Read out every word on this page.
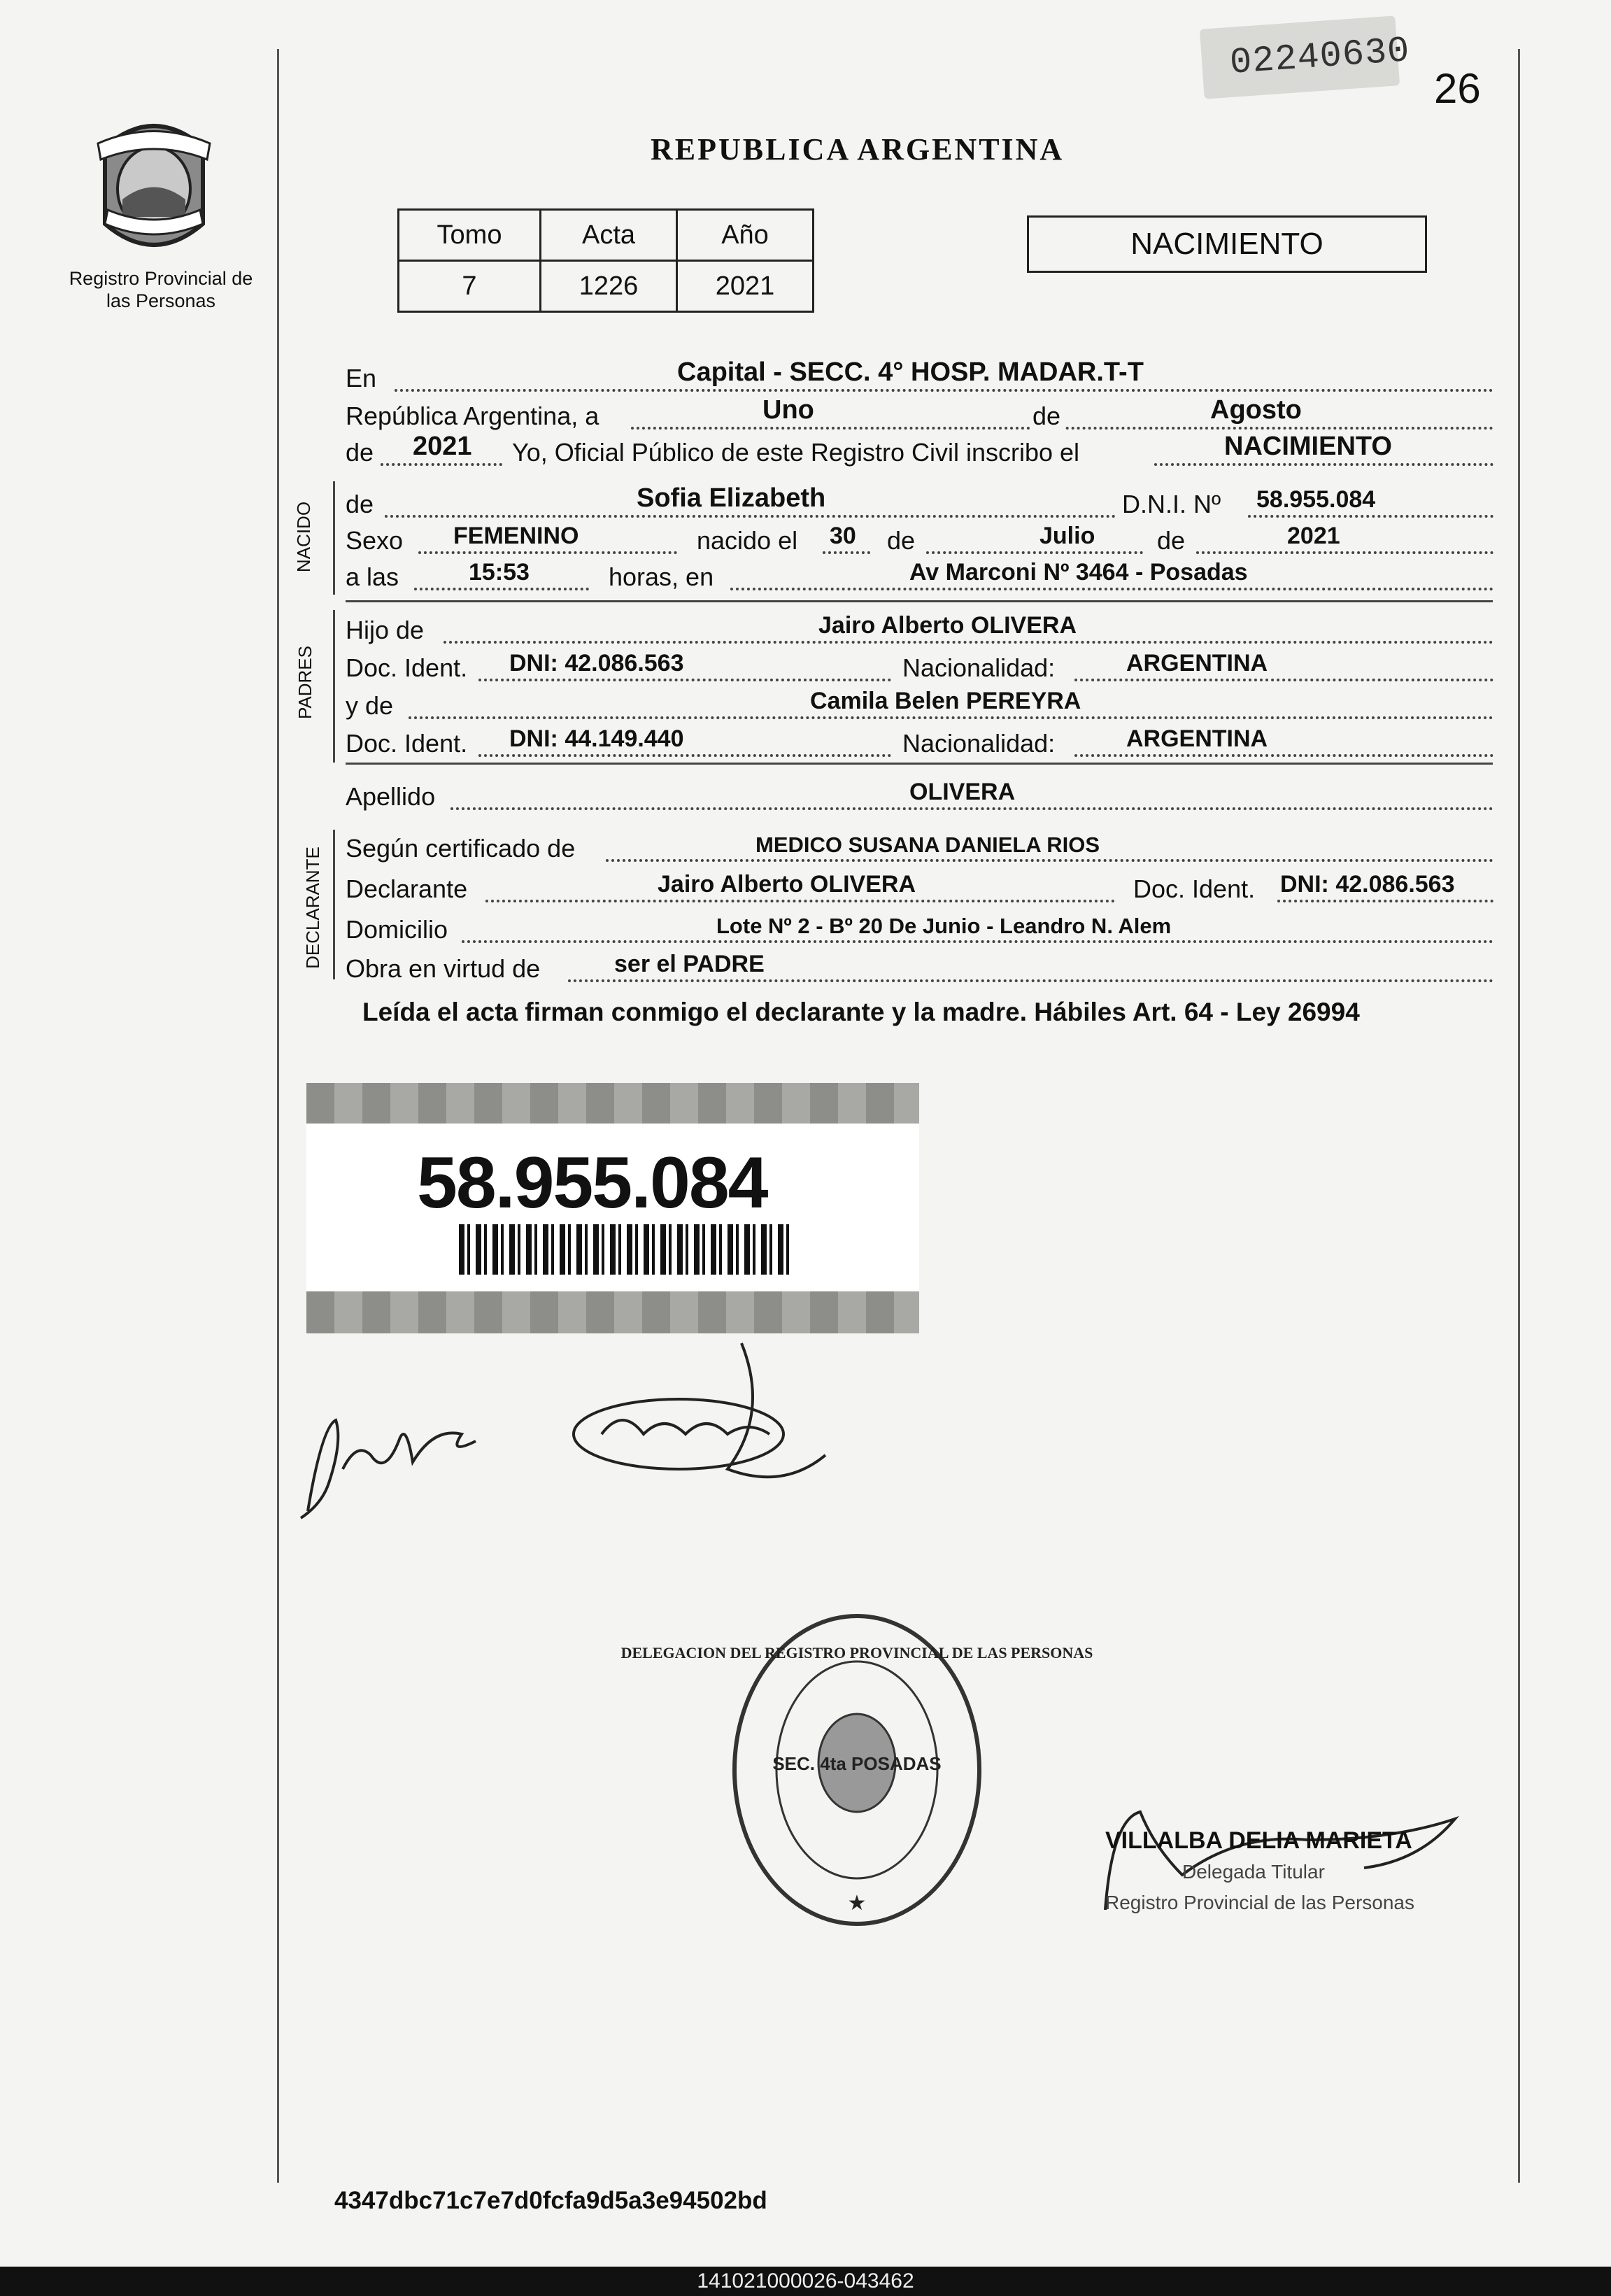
02240630
26
Registro Provincial de las Personas
REPUBLICA ARGENTINA
Tomo	Acta	Año
7	1226	2021
NACIMIENTO
En	Capital - SECC. 4° HOSP. MADAR.T-T
República Argentina, a	Uno	de	Agosto
de 2021 Yo, Oficial Público de este Registro Civil inscribo el	NACIMIENTO
NACIDO de	Sofia Elizabeth	D.N.I. Nº 58.955.084
Sexo FEMENINO	nacido el 30 de	Julio de	2021
a las	15:53	horas, en	Av Marconi Nº 3464 - Posadas
PADRES
Hijo de	Jairo Alberto OLIVERA
Doc. Ident. DNI: 42.086.563	Nacionalidad:	ARGENTINA
y de	Camila Belen PEREYRA
Doc. Ident. DNI: 44.149.440	Nacionalidad:	ARGENTINA
Apellido	OLIVERA
DECLARANTE Según certificado de	MEDICO SUSANA DANIELA RIOS
Declarante	Jairo Alberto OLIVERA	Doc. Ident. DNI: 42.086.563
Domicilio	Lote Nº 2 - Bº 20 De Junio - Leandro N. Alem
Obra en virtud de	ser el PADRE
Leída el acta firman conmigo el declarante y la madre. Hábiles Art. 64 - Ley 26994
58.955.084
SEC. 4ta POSADAS
DELEGACION DEL REGISTRO PROVINCIAL DE LAS PERSONAS
★
VILLALBA DELIA MARIETA
Delegada Titular
Registro Provincial de las Personas
4347dbc71c7e7d0fcfa9d5a3e94502bd
141021000026-043462
